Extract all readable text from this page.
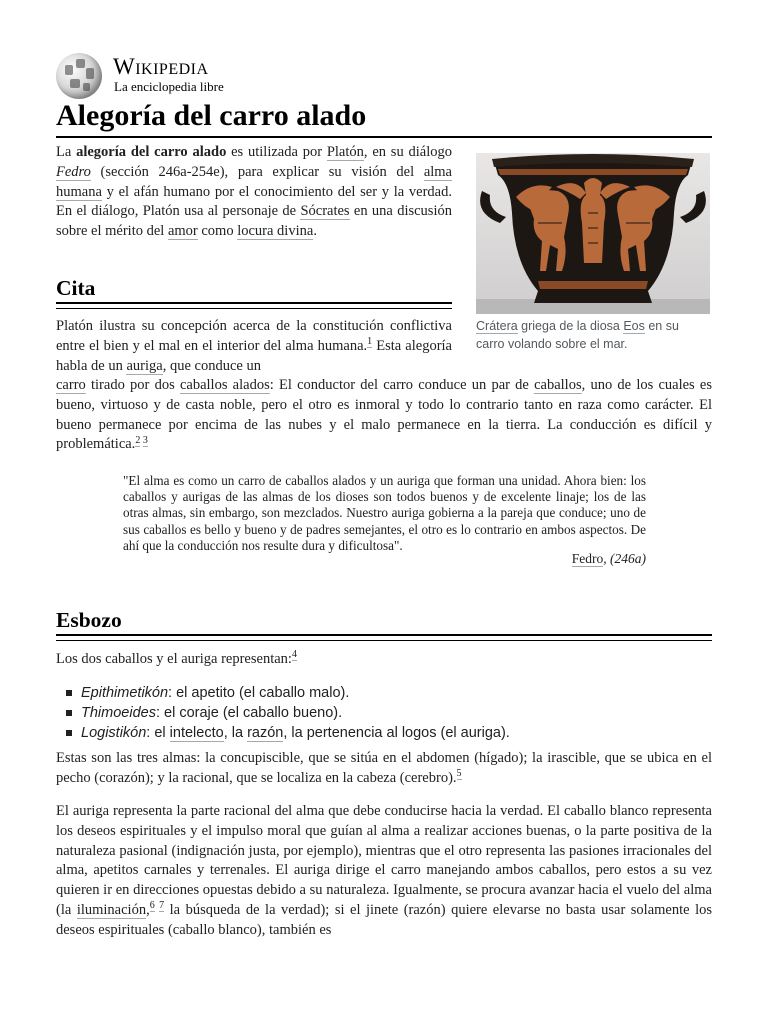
Wikipedia
La enciclopedia libre
Alegoría del carro alado
La alegoría del carro alado es utilizada por Platón, en su diálogo Fedro (sección 246a-254e), para explicar su visión del alma humana y el afán humano por el conocimiento del ser y la verdad. En el diálogo, Platón usa al personaje de Sócrates en una discusión sobre el mérito del amor como locura divina.
Crátera griega de la diosa Eos en su carro volando sobre el mar.
Cita
Platón ilustra su concepción acerca de la constitución conflictiva entre el bien y el mal en el interior del alma humana.$^1$ Esta alegoría habla de un auriga, que conduce un
carro tirado por dos caballos alados: El conductor del carro conduce un par de caballos, uno de los cuales es bueno, virtuoso y de casta noble, pero el otro es inmoral y todo lo contrario tanto en raza como carácter. El bueno permanece por encima de las nubes y el malo permanece en la tierra. La conducción es difícil y problemática.$^{2 3}$
"El alma es como un carro de caballos alados y un auriga que forman una unidad. Ahora bien: los caballos y aurigas de las almas de los dioses son todos buenos y de excelente linaje; los de las otras almas, sin embargo, son mezclados. Nuestro auriga gobierna a la pareja que conduce; uno de sus caballos es bello y bueno y de padres semejantes, el otro es lo contrario en ambos aspectos. De ahí que la conducción nos resulte dura y dificultosa".
Fedro, (246a)
Esbozo
Los dos caballos y el auriga representan:$^4$
Epithimetikón: el apetito (el caballo malo).
Thimoeides: el coraje (el caballo bueno).
Logistikón: el intelecto, la razón, la pertenencia al logos (el auriga).
Estas son las tres almas: la concupiscible, que se sitúa en el abdomen (hígado); la irascible, que se ubica en el pecho (corazón); y la racional, que se localiza en la cabeza (cerebro).$^5$
El auriga representa la parte racional del alma que debe conducirse hacia la verdad. El caballo blanco representa los deseos espirituales y el impulso moral que guían al alma a realizar acciones buenas, o la parte positiva de la naturaleza pasional (indignación justa, por ejemplo), mientras que el otro representa las pasiones irracionales del alma, apetitos carnales y terrenales. El auriga dirige el carro manejando ambos caballos, pero estos a su vez quieren ir en direcciones opuestas debido a su naturaleza. Igualmente, se procura avanzar hacia el vuelo del alma (la iluminación,$^{6 7}$ la búsqueda de la verdad); si el jinete (razón) quiere elevarse no basta usar solamente los deseos espirituales (caballo blanco), también es
